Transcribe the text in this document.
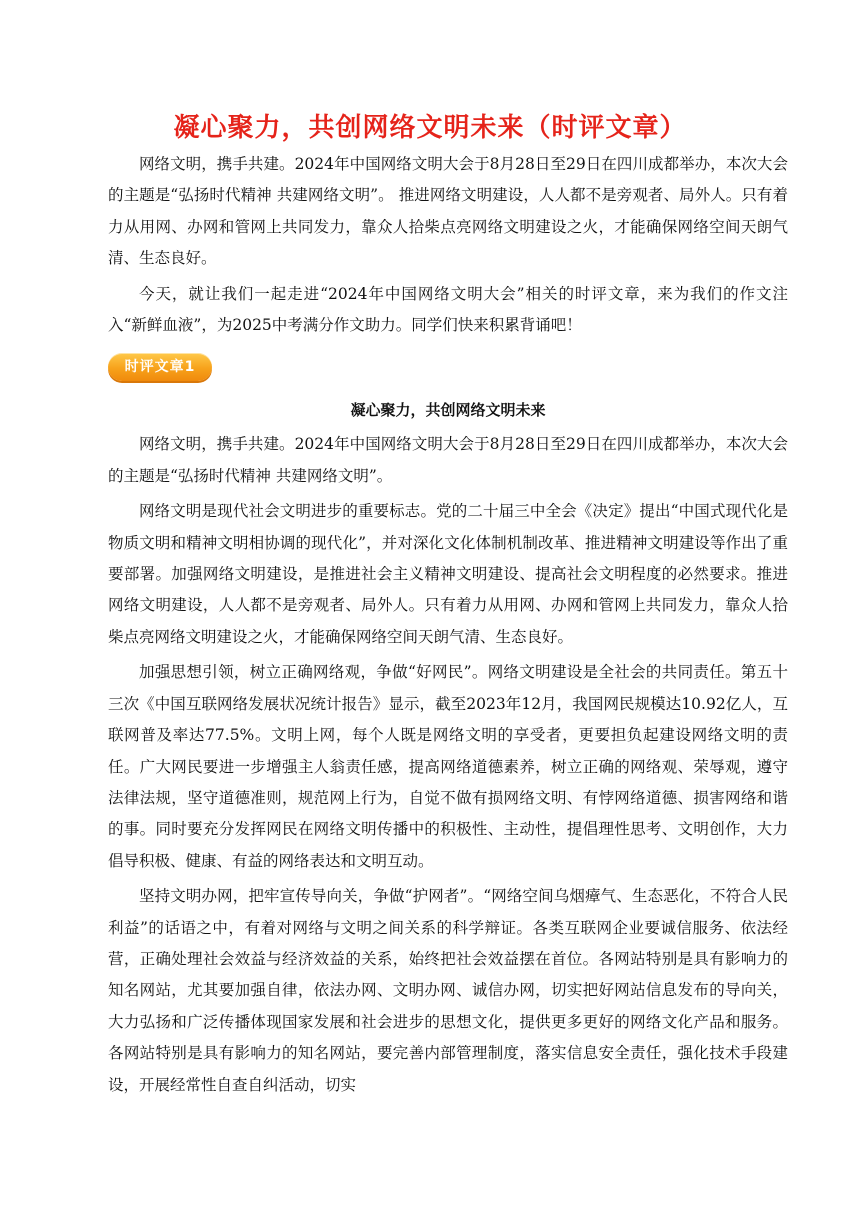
凝心聚力，共创网络文明未来（时评文章）

网络文明，携手共建。2024年中国网络文明大会于8月28日至29日在四川成都举办，本次大会的主题是“弘扬时代精神 共建网络文明”。 推进网络文明建设，人人都不是旁观者、局外人。只有着力从用网、办网和管网上共同发力，靠众人拾柴点亮网络文明建设之火，才能确保网络空间天朗气清、生态良好。

今天，就让我们一起走进“2024年中国网络文明大会”相关的时评文章，来为我们的作文注入“新鲜血液”，为2025中考满分作文助力。同学们快来积累背诵吧！

时评文章1
凝心聚力，共创网络文明未来

网络文明，携手共建。2024年中国网络文明大会于8月28日至29日在四川成都举办，本次大会的主题是“弘扬时代精神 共建网络文明”。

网络文明是现代社会文明进步的重要标志。党的二十届三中全会《决定》提出“中国式现代化是物质文明和精神文明相协调的现代化”，并对深化文化体制机制改革、推进精神文明建设等作出了重要部署。加强网络文明建设，是推进社会主义精神文明建设、提高社会文明程度的必然要求。推进网络文明建设，人人都不是旁观者、局外人。只有着力从用网、办网和管网上共同发力，靠众人拾柴点亮网络文明建设之火，才能确保网络空间天朗气清、生态良好。

加强思想引领，树立正确网络观，争做“好网民”。网络文明建设是全社会的共同责任。第五十三次《中国互联网络发展状况统计报告》显示，截至2023年12月，我国网民规模达10.92亿人，互联网普及率达77.5%。文明上网，每个人既是网络文明的享受者，更要担负起建设网络文明的责任。广大网民要进一步增强主人翁责任感，提高网络道德素养，树立正确的网络观、荣辱观，遵守法律法规，坚守道德准则，规范网上行为，自觉不做有损网络文明、有悖网络道德、损害网络和谐的事。同时要充分发挥网民在网络文明传播中的积极性、主动性，提倡理性思考、文明创作，大力倡导积极、健康、有益的网络表达和文明互动。

坚持文明办网，把牢宣传导向关，争做“护网者”。“网络空间乌烟瘴气、生态恶化，不符合人民利益”的话语之中，有着对网络与文明之间关系的科学辩证。各类互联网企业要诚信服务、依法经营，正确处理社会效益与经济效益的关系，始终把社会效益摆在首位。各网站特别是具有影响力的知名网站，尤其要加强自律，依法办网、文明办网、诚信办网，切实把好网站信息发布的导向关，大力弘扬和广泛传播体现国家发展和社会进步的思想文化，提供更多更好的网络文化产品和服务。各网站特别是具有影响力的知名网站，要完善内部管理制度，落实信息安全责任，强化技术手段建设，开展经常性自查自纠活动，切实
